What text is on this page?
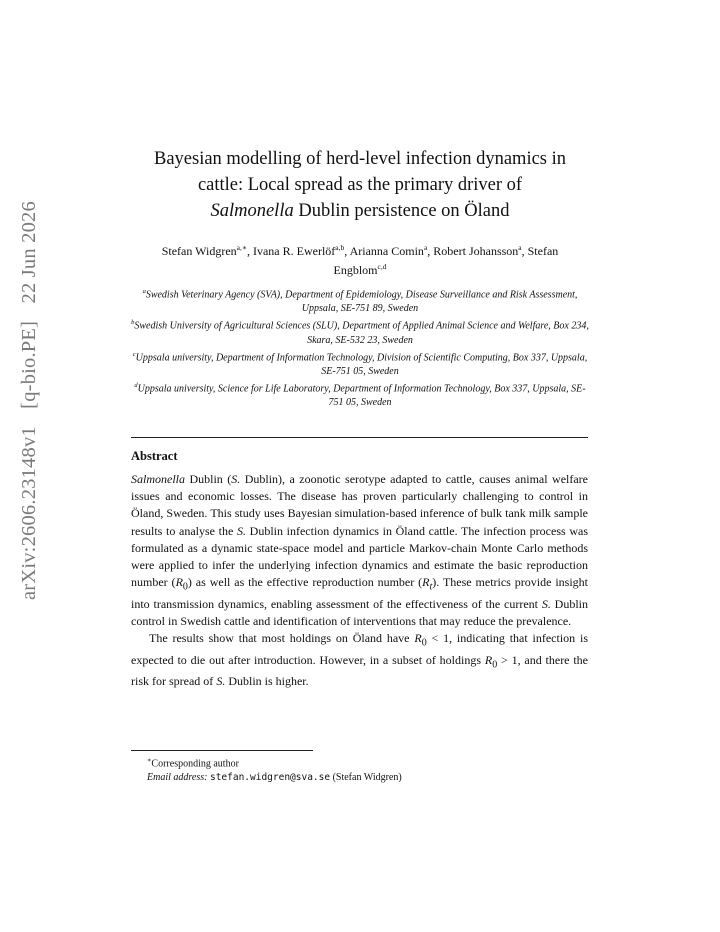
arXiv:2606.23148v1 [q-bio.PE] 22 Jun 2026
Bayesian modelling of herd-level infection dynamics in
cattle: Local spread as the primary driver of
Salmonella Dublin persistence on Öland
Stefan Widgren$^{a,∗}$, Ivana R. Ewerlöf$^{a,b}$, Arianna Comin$^a$, Robert Johansson$^a$, Stefan Engblom$^{c,d}$

$^a$Swedish Veterinary Agency (SVA), Department of Epidemiology, Disease Surveillance and Risk Assessment, Uppsala, SE-751 89, Sweden

$^b$Swedish University of Agricultural Sciences (SLU), Department of Applied Animal Science and Welfare, Box 234, Skara, SE-532 23, Sweden

$^c$Uppsala university, Department of Information Technology, Division of Scientific Computing, Box 337, Uppsala, SE-751 05, Sweden

$^d$Uppsala university, Science for Life Laboratory, Department of Information Technology, Box 337, Uppsala, SE-751 05, Sweden

Abstract

Salmonella Dublin (S. Dublin), a zoonotic serotype adapted to cattle, causes animal welfare issues and economic losses. The disease has proven particularly challenging to control in Öland, Sweden. This study uses Bayesian simulation-based inference of bulk tank milk sample results to analyse the S. Dublin infection dynamics in Öland cattle. The infection process was formulated as a dynamic state-space model and particle Markov-chain Monte Carlo methods were applied to infer the underlying infection dynamics and estimate the basic reproduction number $(R_0)$ as well as the effective reproduction number $(R_t)$. These metrics provide insight into transmission dynamics, enabling assessment of the effectiveness of the current S. Dublin control in Swedish cattle and identification of interventions that may reduce the prevalence.

The results show that most holdings on Öland have $R_0 < 1$, indicating that infection is expected to die out after introduction. However, in a subset of holdings $R_0 > 1$, and there the risk for spread of S. Dublin is higher.

∗Corresponding author
Email address: stefan.widgren@sva.se (Stefan Widgren)
